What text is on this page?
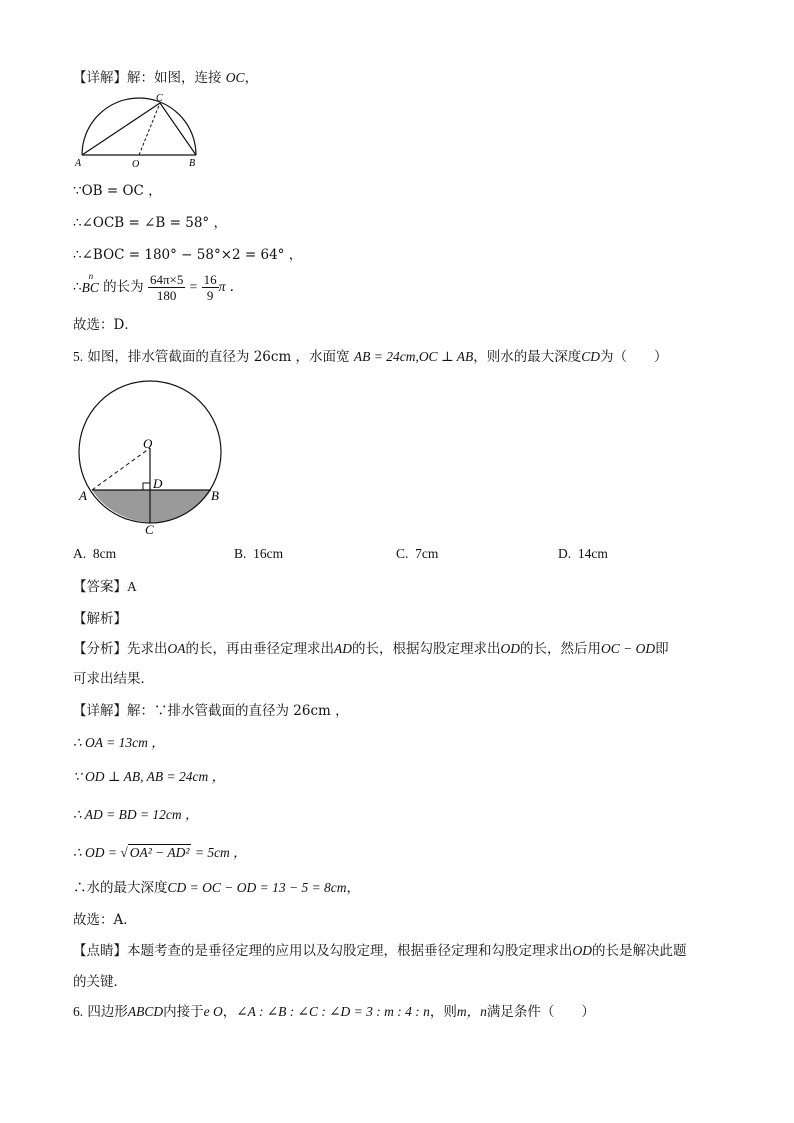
【详解】解：如图，连接 OC，
A	O	B
C
∵OB = OC ，
∴∠OCB = ∠B = 58° ，
∴∠BOC = 180° − 58°×2 = 64° ，
∴
n
BC 的长为 $\frac{64\pi\times 5}{180} = \frac{16}{9}$ π .
故选：D．
5. 如图，排水管截面的直径为 26cm ，水面宽 AB = 24cm,OC ⊥ AB，则水的最大深度CD为（　　）
O
D
A	B
C
A. 8cm	B. 16cm	C. 7cm	D. 14cm
【答案】A
【解析】
【分析】先求出OA的长，再由垂径定理求出AD的长，根据勾股定理求出OD的长，然后用OC − OD即
可求出结果．
【详解】解：∵排水管截面的直径为 26cm ，
∴ OA = 13cm ，
∵ OD ⊥ AB, AB = 24cm ，
∴ AD = BD = 12cm ，
∴ OD = √ OA² − AD² = 5cm ，
∴水的最大深度CD = OC − OD = 13 − 5 = 8cm，
故选：A．
【点睛】本题考查的是垂径定理的应用以及勾股定理，根据垂径定理和勾股定理求出OD的长是解决此题
的关键．
6. 四边形ABCD内接于e O，∠A : ∠B : ∠C : ∠D = 3 : m : 4 : n，则m，n满足条件（　　）
